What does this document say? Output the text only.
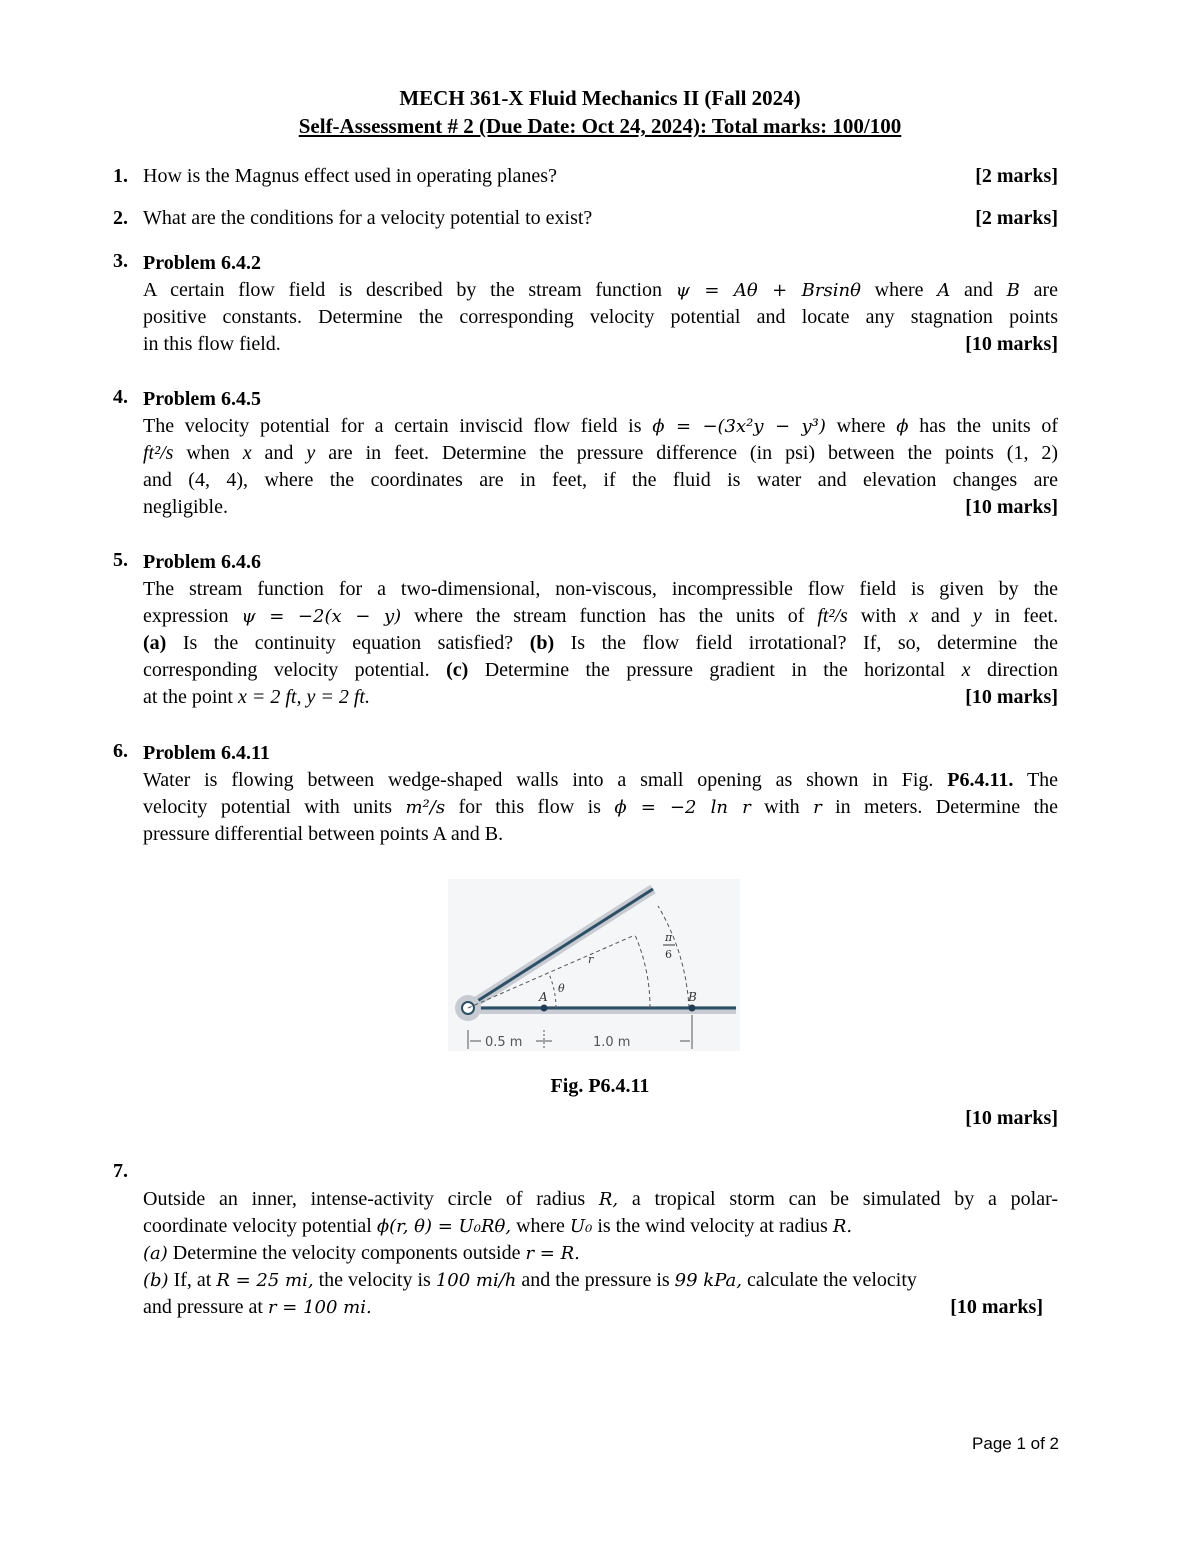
MECH 361-X Fluid Mechanics II (Fall 2024)
Self-Assessment # 2 (Due Date: Oct 24, 2024): Total marks: 100/100
1. How is the Magnus effect used in operating planes?	[2 marks]
2. What are the conditions for a velocity potential to exist?	[2 marks]
3. Problem 6.4.2
A certain flow field is described by the stream function ψ = Aθ + Brsinθ where A and B are
positive constants. Determine the corresponding velocity potential and locate any stagnation points
in this flow field.	[10 marks]
4. Problem 6.4.5
The velocity potential for a certain inviscid flow field is ϕ = −(3x²y − y³) where ϕ has the units of
ft²/s when x and y are in feet. Determine the pressure difference (in psi) between the points (1, 2)
and (4, 4), where the coordinates are in feet, if the fluid is water and elevation changes are
negligible.	[10 marks]
5. Problem 6.4.6
The stream function for a two-dimensional, non-viscous, incompressible flow field is given by the
expression ψ = −2(x − y) where the stream function has the units of ft²/s with x and y in feet.
(a) Is the continuity equation satisfied? (b) Is the flow field irrotational? If, so, determine the
corresponding velocity potential. (c) Determine the pressure gradient in the horizontal x direction
at the point x = 2 ft, y = 2 ft.	[10 marks]
6. Problem 6.4.11
Water is flowing between wedge-shaped walls into a small opening as shown in Fig. P6.4.11. The
velocity potential with units m²/s for this flow is ϕ = −2 ln r with r in meters. Determine the
pressure differential between points A and B.
A	B
r
θ
π
6
0.5 m	1.0 m
Fig. P6.4.11
[10 marks]
7.
Outside an inner, intense-activity circle of radius R, a tropical storm can be simulated by a polar-
coordinate velocity potential ϕ(r, θ) = U₀Rθ, where U₀ is the wind velocity at radius R.
(a) Determine the velocity components outside r = R.
(b) If, at R = 25 mi, the velocity is 100 mi/h and the pressure is 99 kPa, calculate the velocity
and pressure at r = 100 mi.	[10 marks]
Page 1 of 2
